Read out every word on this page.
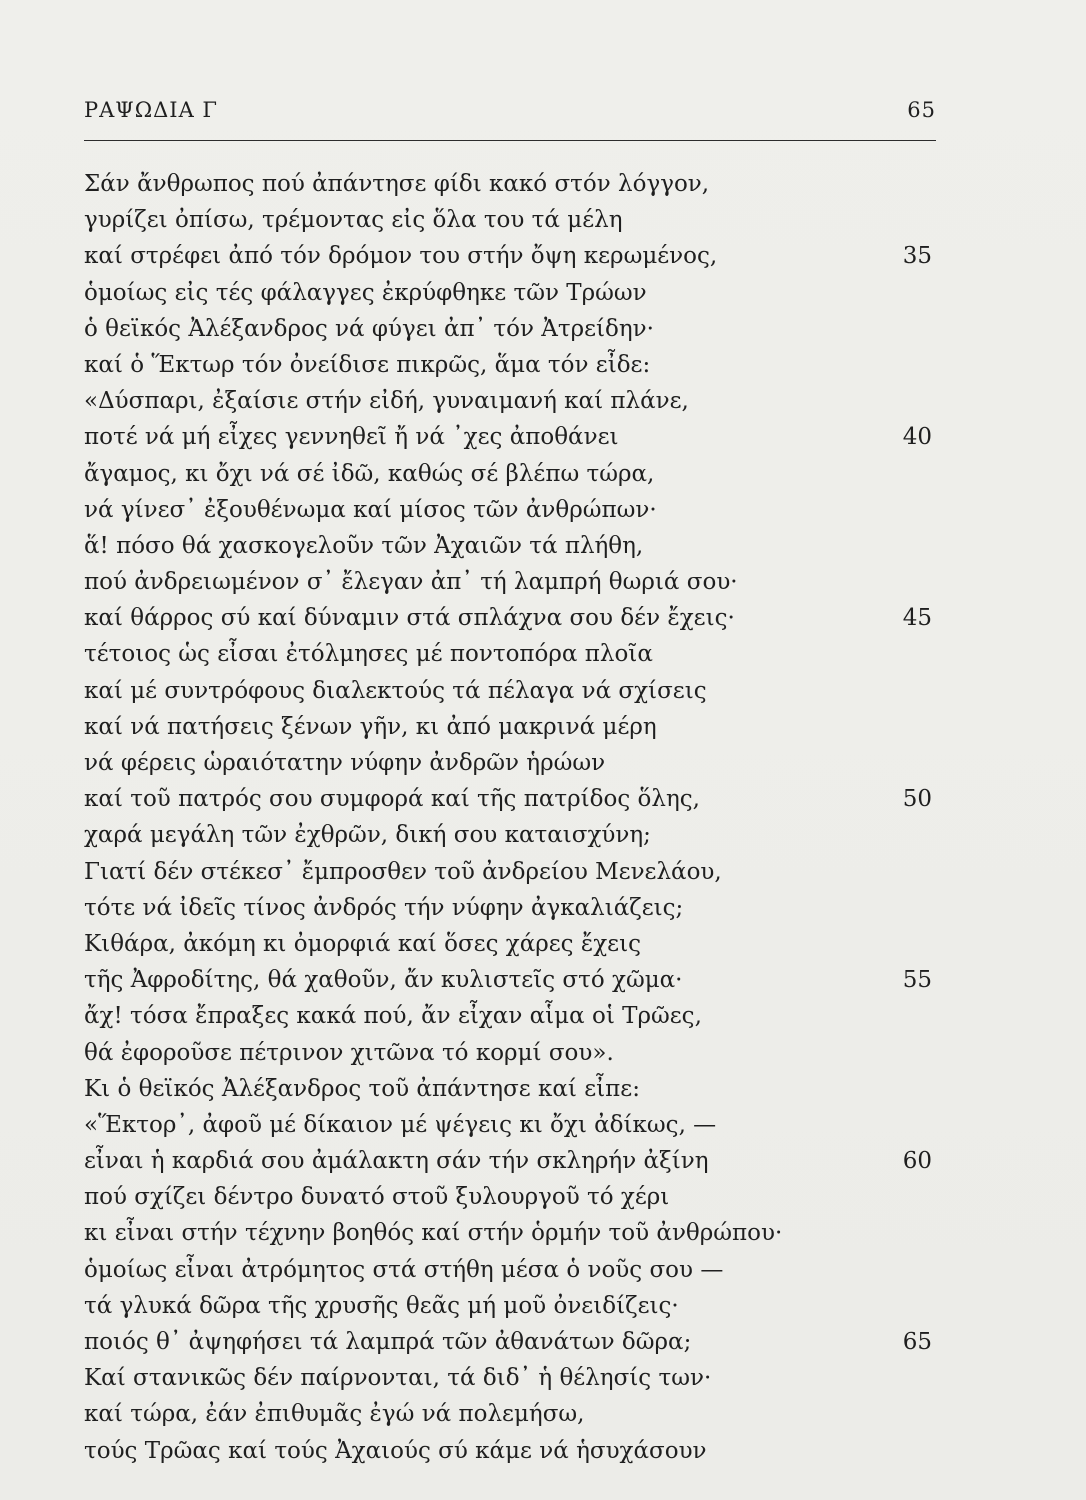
ΡΑΨΩΔΙΑ Γ	65
Σάν ἄνθρωπος πού ἀπάντησε φίδι κακό στόν λόγγον,
γυρίζει ὀπίσω, τρέμοντας εἰς ὅλα του τά μέλη
καί στρέφει ἀπό τόν δρόμον του στήν ὄψη κερωμένος,	35
ὁμοίως εἰς τές φάλαγγες ἐκρύφθηκε τῶν Τρώων
ὁ θεϊκός Ἀλέξανδρος νά φύγει ἀπ᾿ τόν Ἀτρείδην·
καί ὁ Ἕκτωρ τόν ὀνείδισε πικρῶς, ἅμα τόν εἶδε:
«Δύσπαρι, ἐξαίσιε στήν εἰδή, γυναιμανή καί πλάνε,
ποτέ νά μή εἶχες γεννηθεῖ ἤ νά ᾽χες ἀποθάνει	40
ἄγαμος, κι ὄχι νά σέ ἰδῶ, καθώς σέ βλέπω τώρα,
νά γίνεσ᾿ ἐξουθένωμα καί μίσος τῶν ἀνθρώπων·
ἅ! πόσο θά χασκογελοῦν τῶν Ἀχαιῶν τά πλήθη,
πού ἀνδρειωμένον σ᾿ ἔλεγαν ἀπ᾿ τή λαμπρή θωριά σου·
καί θάρρος σύ καί δύναμιν στά σπλάχνα σου δέν ἔχεις·	45
τέτοιος ὡς εἶσαι ἐτόλμησες μέ ποντοπόρα πλοῖα
καί μέ συντρόφους διαλεκτούς τά πέλαγα νά σχίσεις
καί νά πατήσεις ξένων γῆν, κι ἀπό μακρινά μέρη
νά φέρεις ὡραιότατην νύφην ἀνδρῶν ἡρώων
καί τοῦ πατρός σου συμφορά καί τῆς πατρίδος ὅλης,	50
χαρά μεγάλη τῶν ἐχθρῶν, δική σου καταισχύνη;
Γιατί δέν στέκεσ᾿ ἔμπροσθεν τοῦ ἀνδρείου Μενελάου,
τότε νά ἰδεῖς τίνος ἀνδρός τήν νύφην ἀγκαλιάζεις;
Κιθάρα, ἀκόμη κι ὀμορφιά καί ὅσες χάρες ἔχεις
τῆς Ἀφροδίτης, θά χαθοῦν, ἄν κυλιστεῖς στό χῶμα·	55
ἄχ! τόσα ἔπραξες κακά πού, ἄν εἶχαν αἷμα οἱ Τρῶες,
θά ἐφοροῦσε πέτρινον χιτῶνα τό κορμί σου».
Κι ὁ θεϊκός Ἀλέξανδρος τοῦ ἀπάντησε καί εἶπε:
«Ἕκτορ᾿, ἀφοῦ μέ δίκαιον μέ ψέγεις κι ὄχι ἀδίκως, —
εἶναι ἡ καρδιά σου ἀμάλακτη σάν τήν σκληρήν ἀξίνη	60
πού σχίζει δέντρο δυνατό στοῦ ξυλουργοῦ τό χέρι
κι εἶναι στήν τέχνην βοηθός καί στήν ὁρμήν τοῦ ἀνθρώπου·
ὁμοίως εἶναι ἀτρόμητος στά στήθη μέσα ὁ νοῦς σου —
τά γλυκά δῶρα τῆς χρυσῆς θεᾶς μή μοῦ ὀνειδίζεις·
ποιός θ᾿ ἀψηφήσει τά λαμπρά τῶν ἀθανάτων δῶρα;	65
Καί στανικῶς δέν παίρνονται, τά διδ᾿ ἡ θέλησίς των·
καί τώρα, ἐάν ἐπιθυμᾶς ἐγώ νά πολεμήσω,
τούς Τρῶας καί τούς Ἀχαιούς σύ κάμε νά ἡσυχάσουν
